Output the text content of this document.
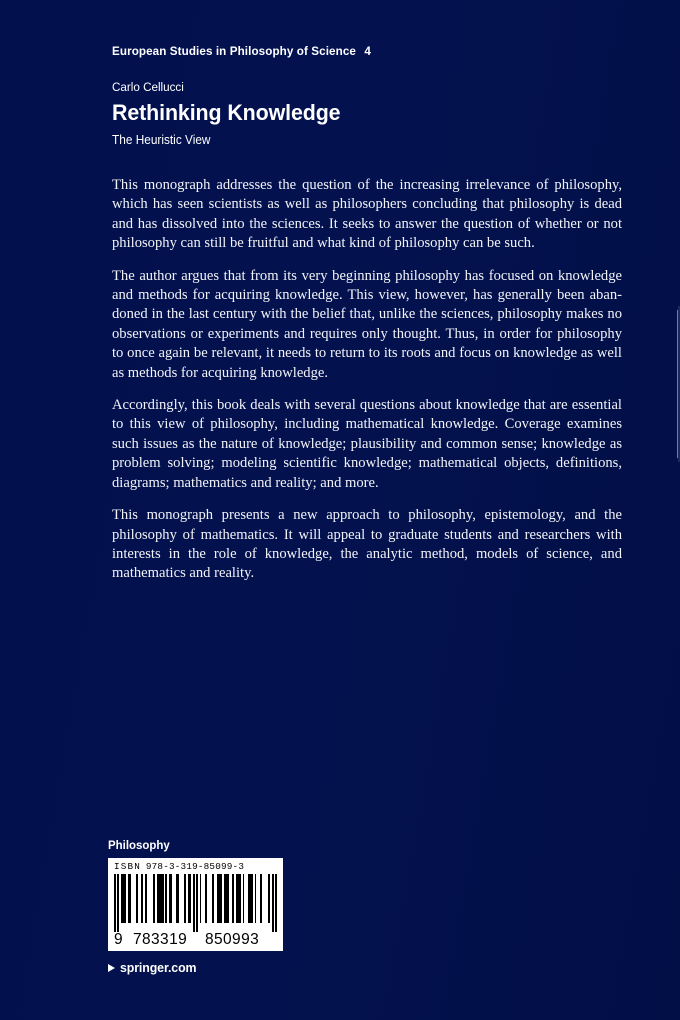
European Studies in Philosophy of Science 4
Carlo Cellucci
Rethinking Knowledge
The Heuristic View

This monograph addresses the question of the increasing irrelevance of philosophy, which has seen scientists as well as philosophers concluding that philosophy is dead and has dissolved into the sciences. It seeks to answer the question of whether or not philosophy can still be fruitful and what kind of philosophy can be such.

The author argues that from its very beginning philosophy has focused on knowledge and methods for acquiring knowledge. This view, however, has generally been abandoned in the last century with the belief that, unlike the sciences, philosophy makes no observations or experiments and requires only thought. Thus, in order for philosophy to once again be relevant, it needs to return to its roots and focus on knowledge as well as methods for acquiring knowledge.

Accordingly, this book deals with several questions about knowledge that are essential to this view of philosophy, including mathematical knowledge. Coverage examines such issues as the nature of knowledge; plausibility and common sense; knowledge as problem solving; modeling scientific knowledge; mathematical objects, definitions, diagrams; mathematics and reality; and more.

This monograph presents a new approach to philosophy, epistemology, and the philosophy of mathematics. It will appeal to graduate students and researchers with interests in the role of knowledge, the analytic method, models of science, and mathematics and reality.

Philosophy
ISBN 978-3-319-85099-3
9 783319 850993
springer.com
